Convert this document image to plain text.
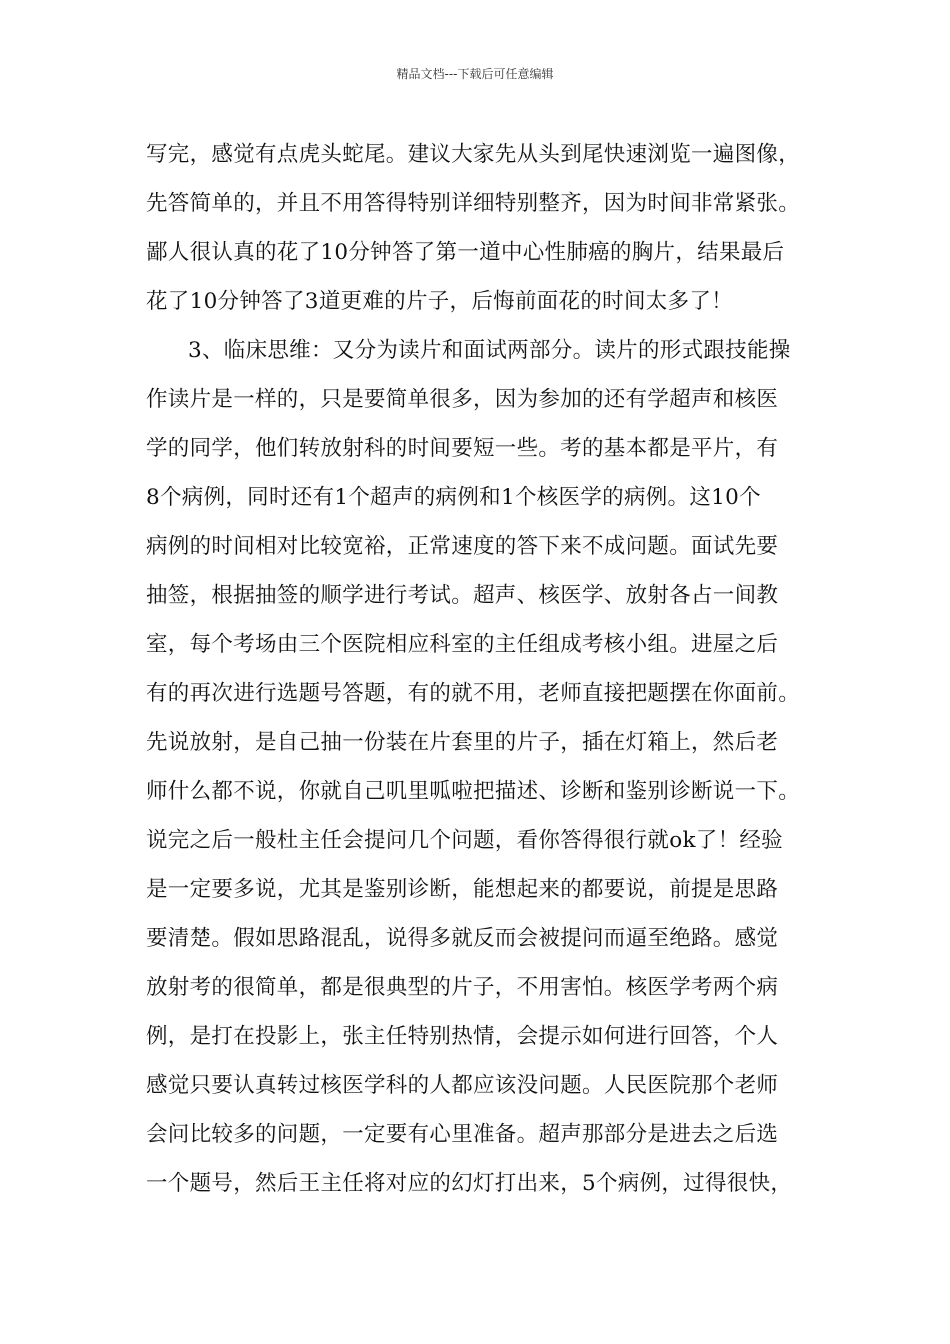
精品文档---下载后可任意编辑
写完，感觉有点虎头蛇尾。建议大家先从头到尾快速浏览一遍图像，
先答简单的，并且不用答得特别详细特别整齐，因为时间非常紧张。
鄙人很认真的花了10分钟答了第一道中心性肺癌的胸片，结果最后
花了10分钟答了3道更难的片子，后悔前面花的时间太多了！
3、临床思维：又分为读片和面试两部分。读片的形式跟技能操
作读片是一样的，只是要简单很多，因为参加的还有学超声和核医
学的同学，他们转放射科的时间要短一些。考的基本都是平片，有
8个病例，同时还有1个超声的病例和1个核医学的病例。这10个
病例的时间相对比较宽裕，正常速度的答下来不成问题。面试先要
抽签，根据抽签的顺学进行考试。超声、核医学、放射各占一间教
室，每个考场由三个医院相应科室的主任组成考核小组。进屋之后
有的再次进行选题号答题，有的就不用，老师直接把题摆在你面前。
先说放射，是自己抽一份装在片套里的片子，插在灯箱上，然后老
师什么都不说，你就自己叽里呱啦把描述、诊断和鉴别诊断说一下。
说完之后一般杜主任会提问几个问题，看你答得很行就ok了！经验
是一定要多说，尤其是鉴别诊断，能想起来的都要说，前提是思路
要清楚。假如思路混乱，说得多就反而会被提问而逼至绝路。感觉
放射考的很简单，都是很典型的片子，不用害怕。核医学考两个病
例，是打在投影上，张主任特别热情，会提示如何进行回答，个人
感觉只要认真转过核医学科的人都应该没问题。人民医院那个老师
会问比较多的问题，一定要有心里准备。超声那部分是进去之后选
一个题号，然后王主任将对应的幻灯打出来，5个病例，过得很快，
